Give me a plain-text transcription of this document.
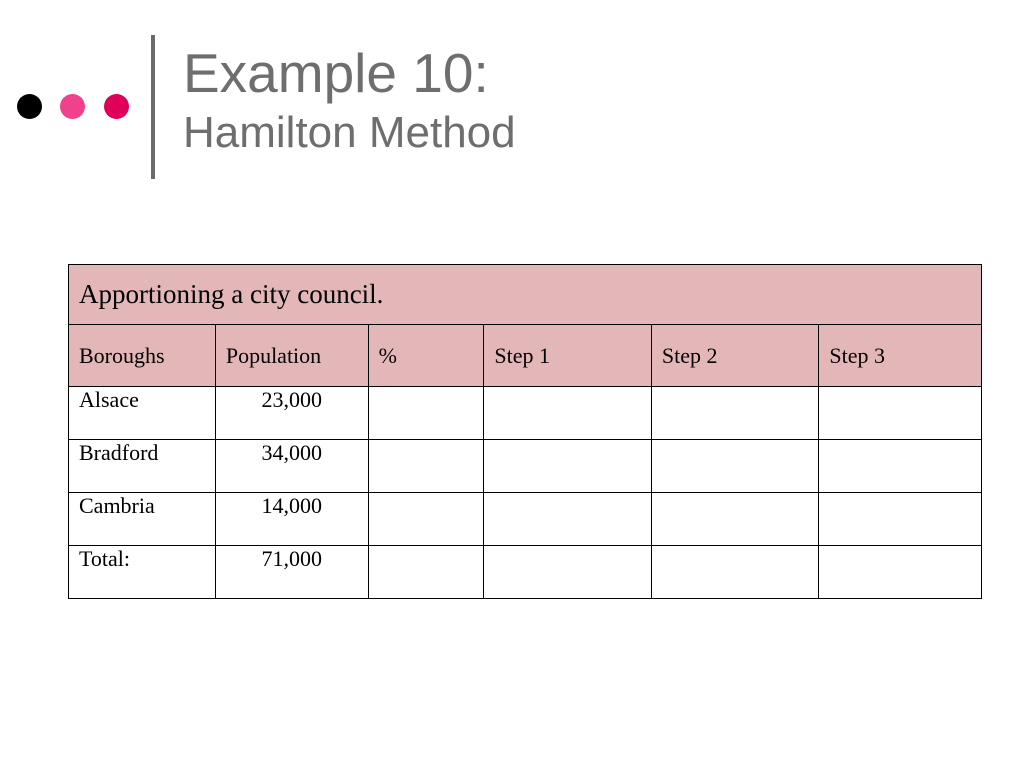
Example 10:
Hamilton Method
Apportioning a city council.					
Boroughs	Population	%	Step 1	Step 2	Step 3
Alsace	23,000				
Bradford	34,000				
Cambria	14,000				
Total:	71,000				
